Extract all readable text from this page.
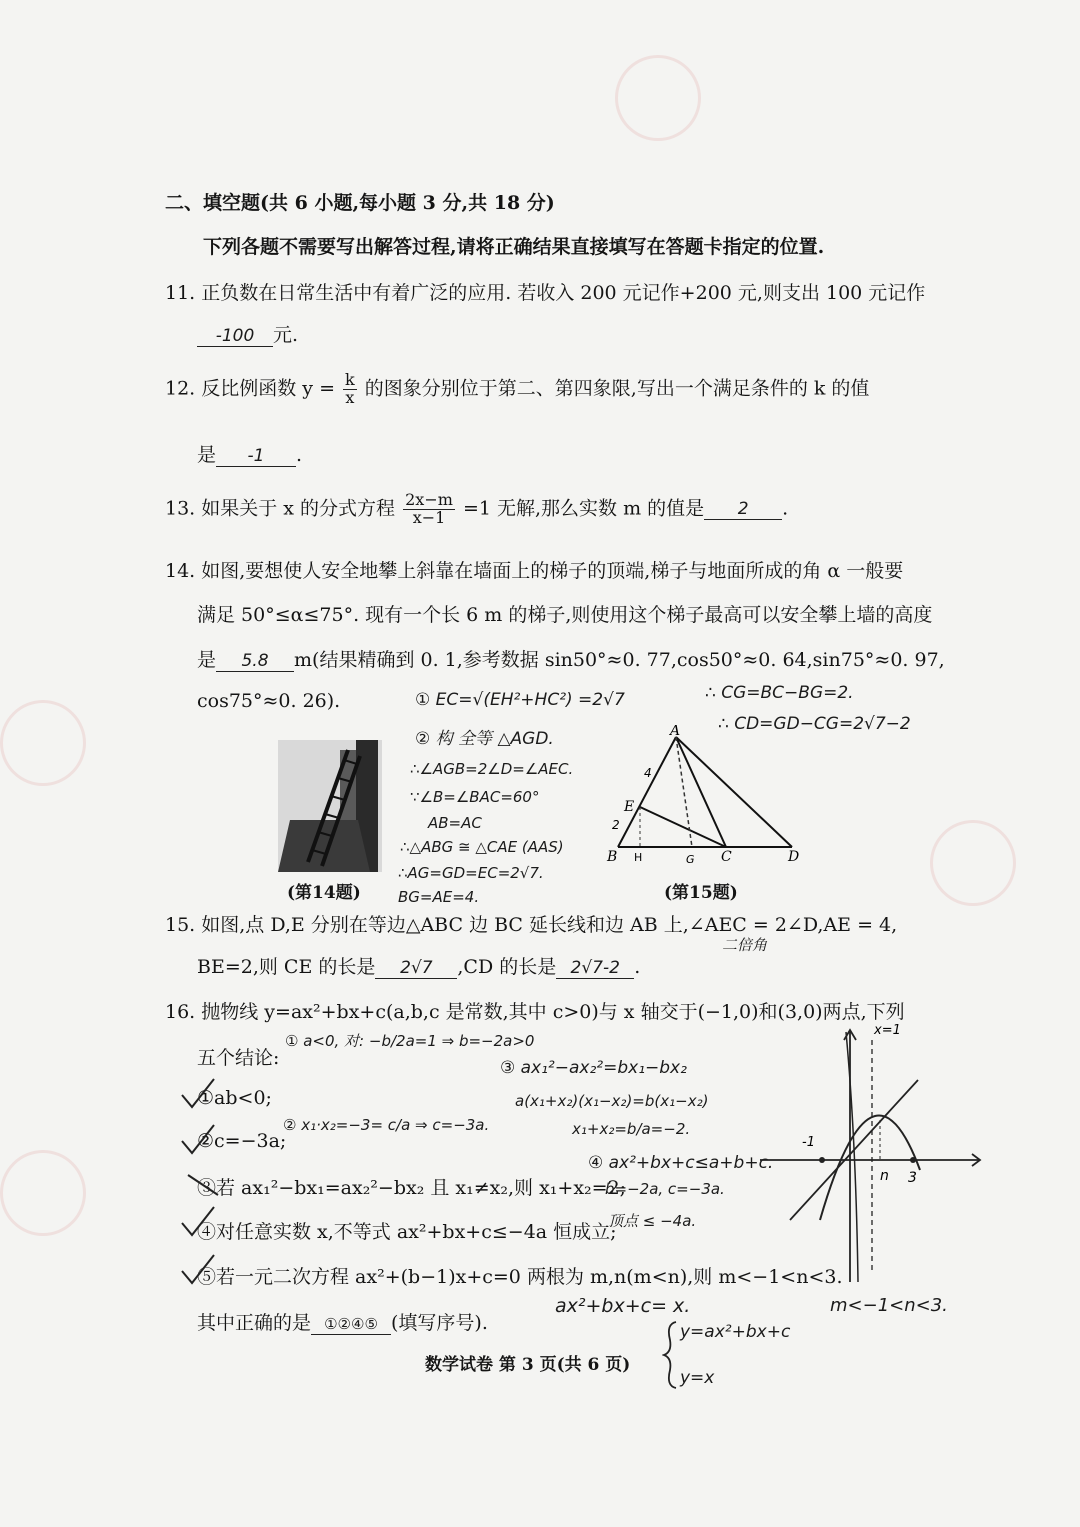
二、填空题(共 6 小题,每小题 3 分,共 18 分)
下列各题不需要写出解答过程,请将正确结果直接填写在答题卡指定的位置.
11. 正负数在日常生活中有着广泛的应用. 若收入 200 元记作+200 元,则支出 100 元记作
-100 元.
12. 反比例函数 $y = \frac{k}{x}$ 的图象分别位于第二、第四象限,写出一个满足条件的 k 的值
是 -1 .
13. 如果关于 x 的分式方程 $\frac{2x-m}{x-1} =1$ 无解,那么实数 m 的值是 2 .
14. 如图,要想使人安全地攀上斜靠在墙面上的梯子的顶端,梯子与地面所成的角 α 一般要
满足 50°≤α≤75°. 现有一个长 6 m 的梯子,则使用这个梯子最高可以安全攀上墙的高度
是 5.8 m(结果精确到 0. 1,参考数据 sin50°≈0. 77,cos50°≈0. 64,sin75°≈0. 97,
cos75°≈0. 26).
(第14题)
A
B	C	D
E
H	G
4
2
(第15题)
15. 如图,点 D,E 分别在等边△ABC 边 BC 延长线和边 AB 上,∠AEC = 2∠D,AE = 4,
BE=2,则 CE 的长是 2√7 ,CD 的长是 2√7-2 .
16. 抛物线 y=ax²+bx+c(a,b,c 是常数,其中 c>0)与 x 轴交于(−1,0)和(3,0)两点,下列
五个结论:
①ab<0;
②c=−3a;
③若 ax₁²−bx₁=ax₂²−bx₂ 且 x₁≠x₂,则 x₁+x₂=2;
④对任意实数 x,不等式 ax²+bx+c≤−4a 恒成立;
⑤若一元二次方程 ax²+(b−1)x+c=0 两根为 m,n(m<n),则 m<−1<n<3.
其中正确的是 ①②④⑤ (填写序号).
数学试卷 第 3 页(共 6 页)
① EC=√(EH²+HC²) =2√7
② 构 全等 △AGD.
∴∠AGB=2∠D=∠AEC.
∵∠B=∠BAC=60°
AB=AC
∴△ABG ≅ △CAE (AAS)
∴AG=GD=EC=2√7.
BG=AE=4.
∴ CG=BC−BG=2.
∴ CD=GD−CG=2√7−2
二倍角
① a<0, 对: −b/2a=1 ⇒ b=−2a>0
③ ax₁²−ax₂²=bx₁−bx₂
a(x₁+x₂)(x₁−x₂)=b(x₁−x₂)
x₁+x₂=b/a=−2.
② x₁·x₂=−3= c/a ⇒ c=−3a.
④ ax²+bx+c≤a+b+c.
b=−2a, c=−3a.
顶点 ≤ −4a.
ax²+bx+c= x.
y=ax²+bx+c
y=x
m<−1<n<3.
x=1
-1
n 3
